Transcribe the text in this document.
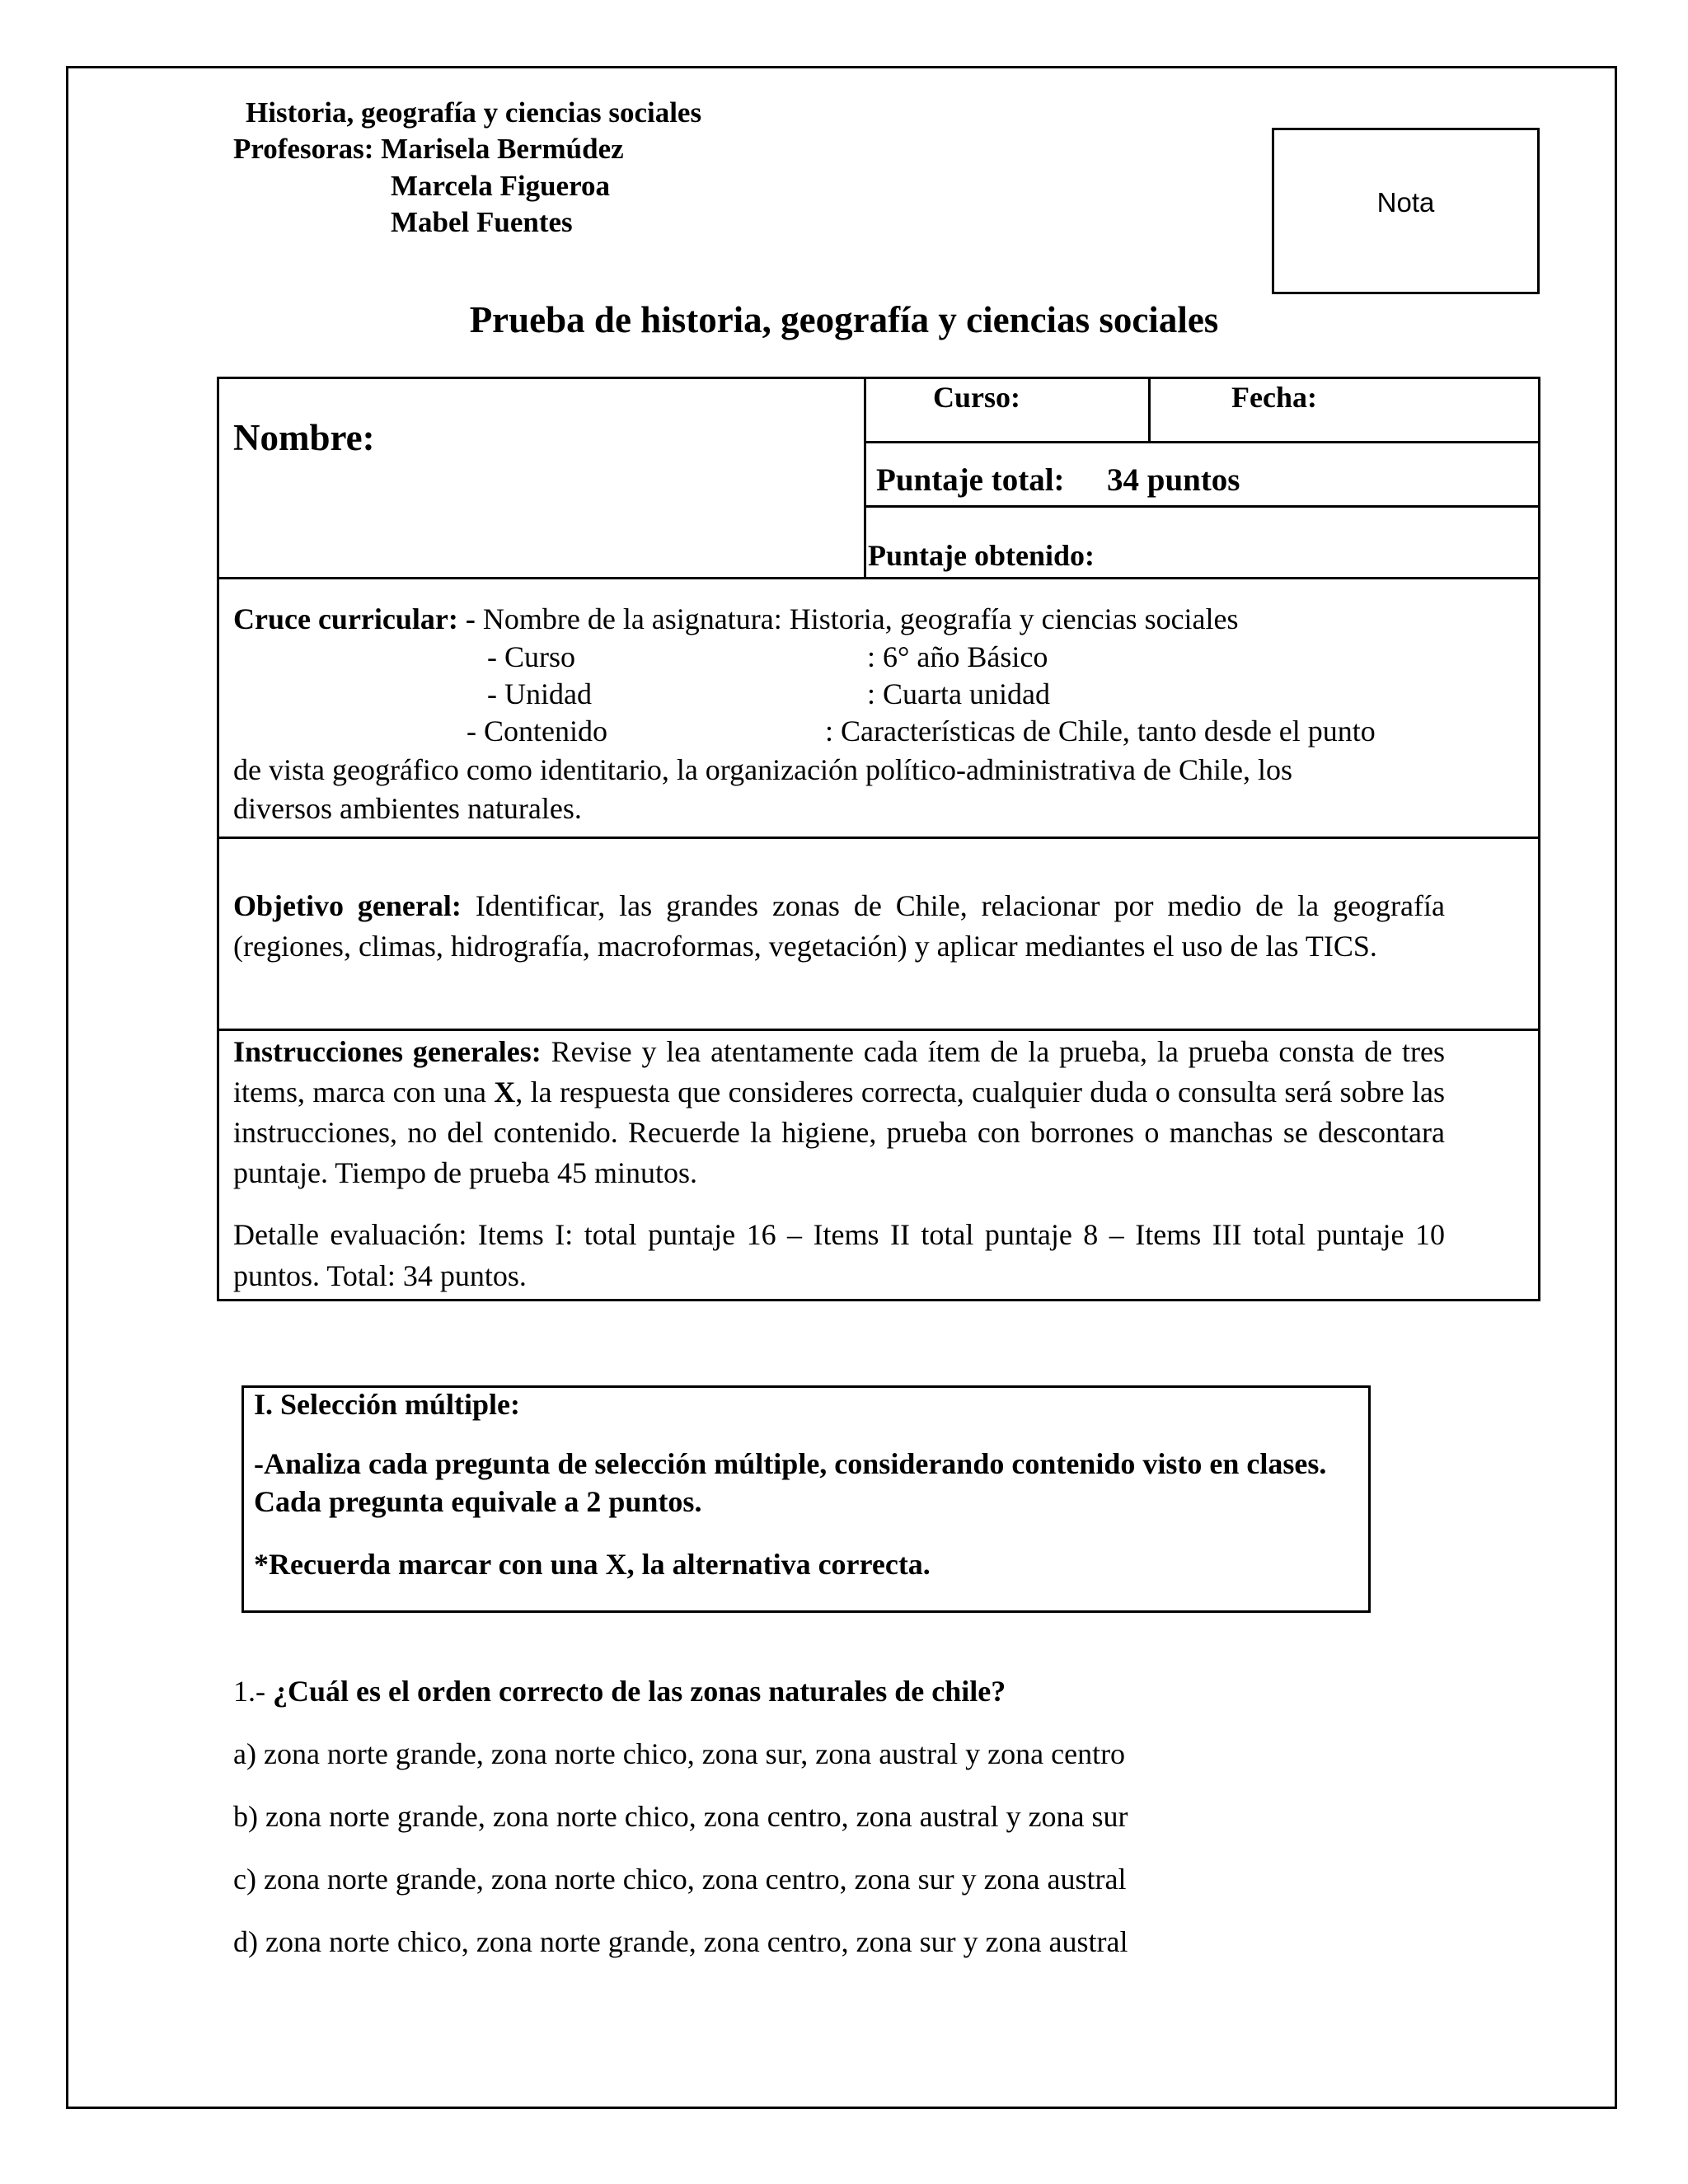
Historia, geografía y ciencias sociales
Profesoras: Marisela Bermúdez
Marcela Figueroa
Mabel Fuentes
Nota
Prueba de historia, geografía y ciencias sociales
Nombre:
Curso:	Fecha:
Puntaje total: 34 puntos
Puntaje obtenido:
Cruce curricular: - Nombre de la asignatura: Historia, geografía y ciencias sociales
- Curso	: 6° año Básico
- Unidad	: Cuarta unidad
- Contenido	: Características de Chile, tanto desde el punto
de vista geográfico como identitario, la organización político-administrativa de Chile, los
diversos ambientes naturales.
Objetivo general: Identificar, las grandes zonas de Chile, relacionar por medio de la geografía (regiones, climas, hidrografía, macroformas, vegetación) y aplicar mediantes el uso de las TICS.
Instrucciones generales: Revise y lea atentamente cada ítem de la prueba, la prueba consta de tres items, marca con una X, la respuesta que consideres correcta, cualquier duda o consulta será sobre las instrucciones, no del contenido. Recuerde la higiene, prueba con borrones o manchas se descontara puntaje. Tiempo de prueba 45 minutos.
Detalle evaluación: Items I: total puntaje 16 – Items II total puntaje 8 – Items III total puntaje 10 puntos. Total: 34 puntos.
I. Selección múltiple:
-Analiza cada pregunta de selección múltiple, considerando contenido visto en clases. Cada pregunta equivale a 2 puntos.
*Recuerda marcar con una X, la alternativa correcta.
1.- ¿Cuál es el orden correcto de las zonas naturales de chile?
a) zona norte grande, zona norte chico, zona sur, zona austral y zona centro
b) zona norte grande, zona norte chico, zona centro, zona austral y zona sur
c) zona norte grande, zona norte chico, zona centro, zona sur y zona austral
d) zona norte chico, zona norte grande, zona centro, zona sur y zona austral
